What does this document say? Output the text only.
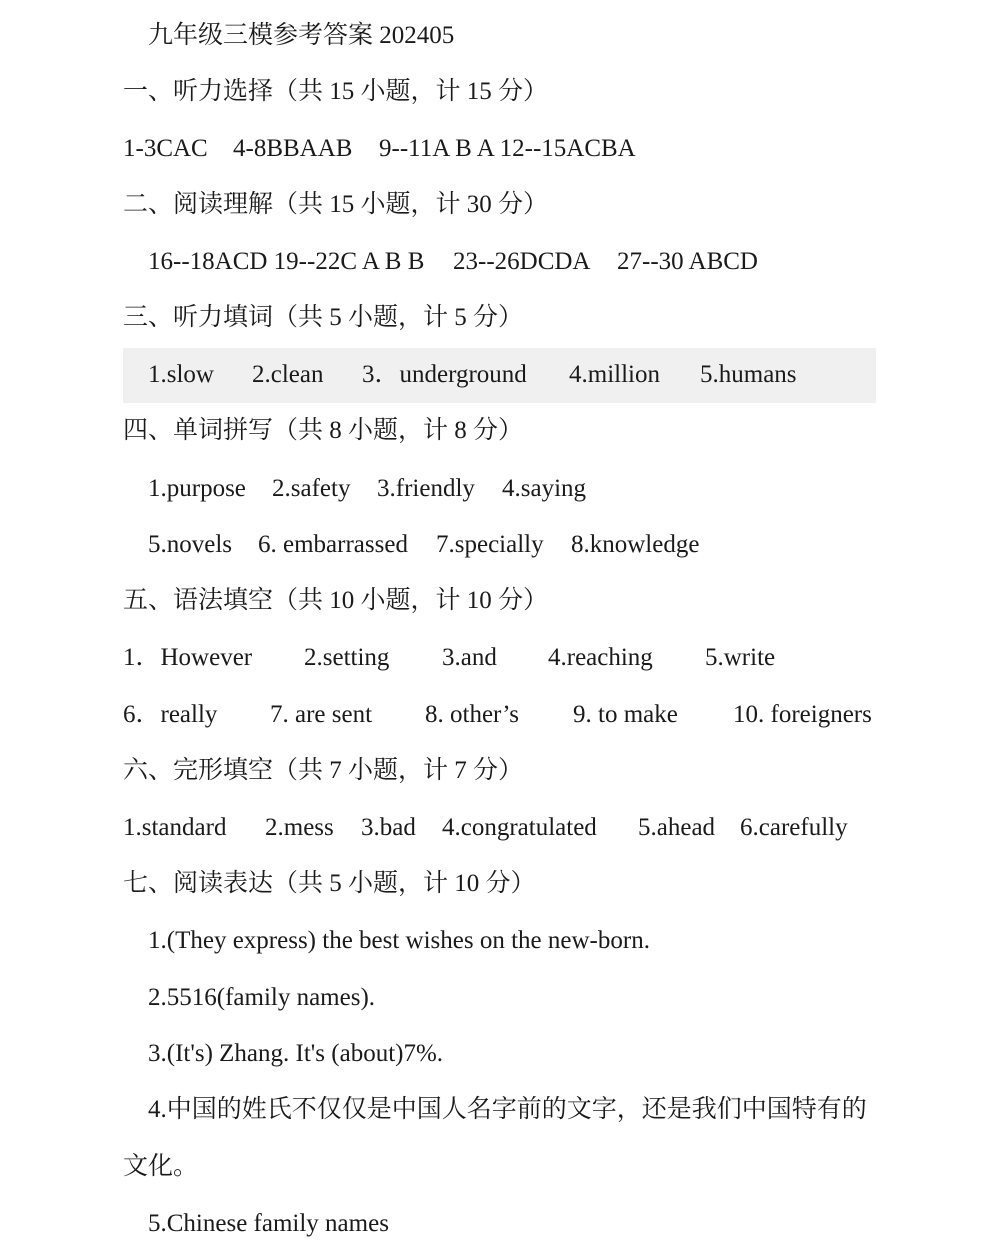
九年级三模参考答案 202405
一、听力选择（共 15 小题，计 15 分）
1-3CAC 4-8BBAAB 9--11A B A 12--15ACBA
二、阅读理解（共 15 小题，计 30 分）
16--18ACD 19--22C A B B 23--26DCDA 27--30 ABCD
三、听力填词（共 5 小题，计 5 分）
1.slow 2.clean 3．underground 4.million 5.humans
四、单词拼写（共 8 小题，计 8 分）
1.purpose 2.safety 3.friendly 4.saying
5.novels 6. embarrassed 7.specially 8.knowledge
五、语法填空（共 10 小题，计 10 分）
1．However 2.setting 3.and 4.reaching 5.write
6．really 7. are sent 8. other’s 9. to make 10. foreigners
六、完形填空（共 7 小题，计 7 分）
1.standard 2.mess 3.bad 4.congratulated 5.ahead 6.carefully
七、阅读表达（共 5 小题，计 10 分）
1.(They express) the best wishes on the new-born.
2.5516(family names).
3.(It's) Zhang. It's (about)7%.
4.中国的姓氏不仅仅是中国人名字前的文字，还是我们中国特有的
文化。
5.Chinese family names
